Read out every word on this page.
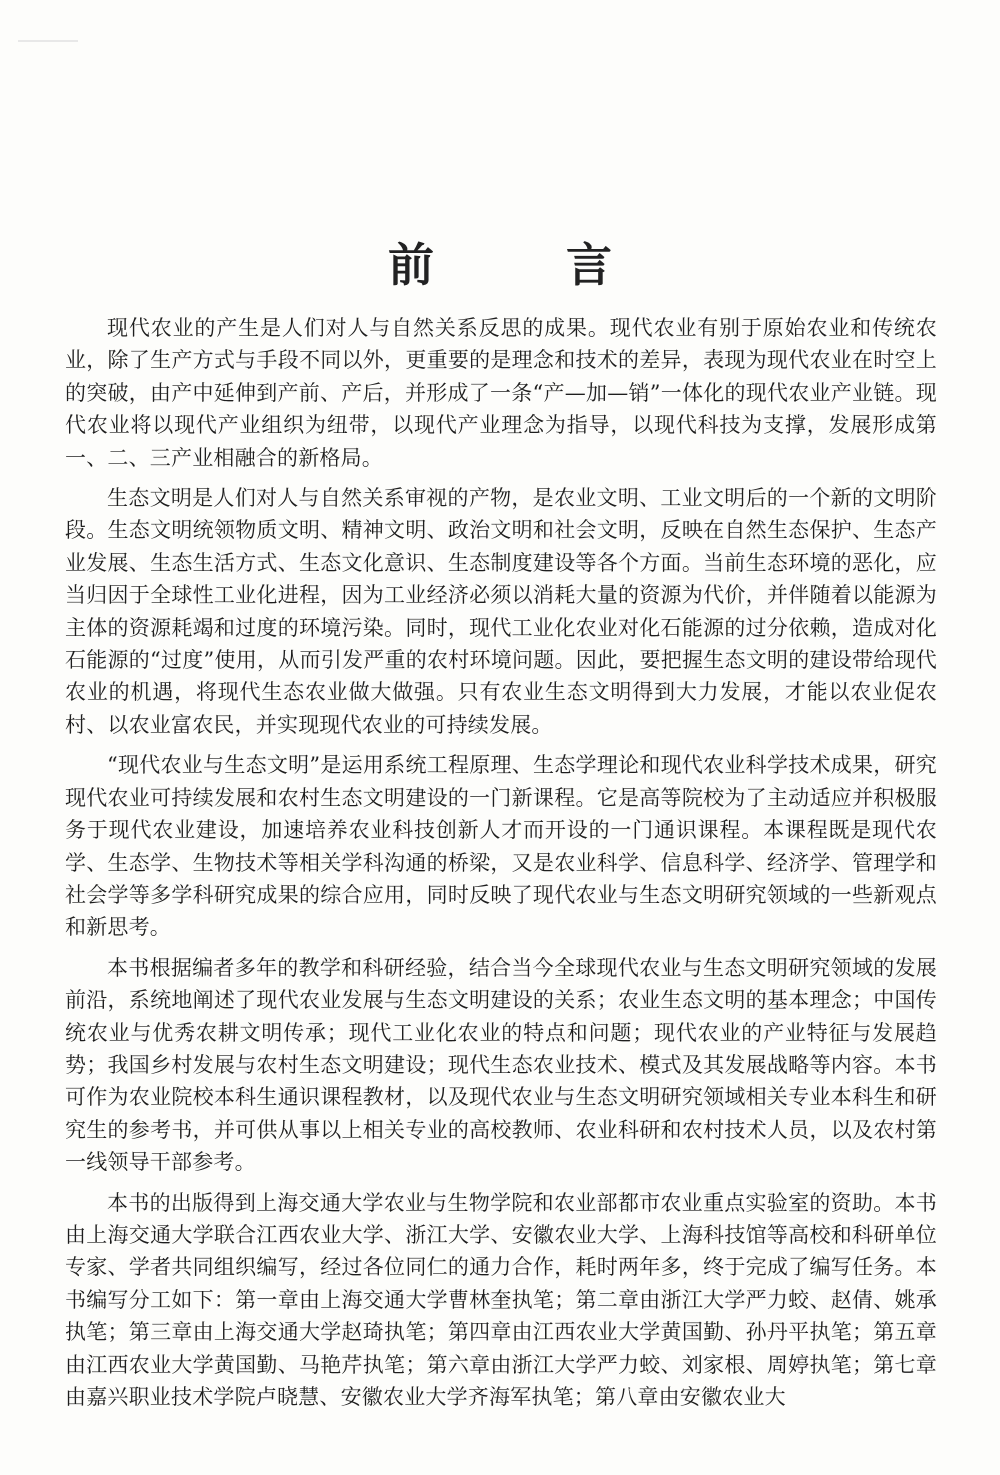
前 言

现代农业的产生是人们对人与自然关系反思的成果。现代农业有别于原始农业和传统农业，除了生产方式与手段不同以外，更重要的是理念和技术的差异，表现为现代农业在时空上的突破，由产中延伸到产前、产后，并形成了一条“产—加—销”一体化的现代农业产业链。现代农业将以现代产业组织为纽带，以现代产业理念为指导，以现代科技为支撑，发展形成第一、二、三产业相融合的新格局。

生态文明是人们对人与自然关系审视的产物，是农业文明、工业文明后的一个新的文明阶段。生态文明统领物质文明、精神文明、政治文明和社会文明，反映在自然生态保护、生态产业发展、生态生活方式、生态文化意识、生态制度建设等各个方面。当前生态环境的恶化，应当归因于全球性工业化进程，因为工业经济必须以消耗大量的资源为代价，并伴随着以能源为主体的资源耗竭和过度的环境污染。同时，现代工业化农业对化石能源的过分依赖，造成对化石能源的“过度”使用，从而引发严重的农村环境问题。因此，要把握生态文明的建设带给现代农业的机遇，将现代生态农业做大做强。只有农业生态文明得到大力发展，才能以农业促农村、以农业富农民，并实现现代农业的可持续发展。

“现代农业与生态文明”是运用系统工程原理、生态学理论和现代农业科学技术成果，研究现代农业可持续发展和农村生态文明建设的一门新课程。它是高等院校为了主动适应并积极服务于现代农业建设，加速培养农业科技创新人才而开设的一门通识课程。本课程既是现代农学、生态学、生物技术等相关学科沟通的桥梁，又是农业科学、信息科学、经济学、管理学和社会学等多学科研究成果的综合应用，同时反映了现代农业与生态文明研究领域的一些新观点和新思考。

本书根据编者多年的教学和科研经验，结合当今全球现代农业与生态文明研究领域的发展前沿，系统地阐述了现代农业发展与生态文明建设的关系；农业生态文明的基本理念；中国传统农业与优秀农耕文明传承；现代工业化农业的特点和问题；现代农业的产业特征与发展趋势；我国乡村发展与农村生态文明建设；现代生态农业技术、模式及其发展战略等内容。本书可作为农业院校本科生通识课程教材，以及现代农业与生态文明研究领域相关专业本科生和研究生的参考书，并可供从事以上相关专业的高校教师、农业科研和农村技术人员，以及农村第一线领导干部参考。

本书的出版得到上海交通大学农业与生物学院和农业部都市农业重点实验室的资助。本书由上海交通大学联合江西农业大学、浙江大学、安徽农业大学、上海科技馆等高校和科研单位专家、学者共同组织编写，经过各位同仁的通力合作，耗时两年多，终于完成了编写任务。本书编写分工如下：第一章由上海交通大学曹林奎执笔；第二章由浙江大学严力蛟、赵倩、姚承执笔；第三章由上海交通大学赵琦执笔；第四章由江西农业大学黄国勤、孙丹平执笔；第五章由江西农业大学黄国勤、马艳芹执笔；第六章由浙江大学严力蛟、刘家根、周婷执笔；第七章由嘉兴职业技术学院卢晓慧、安徽农业大学齐海军执笔；第八章由安徽农业大
